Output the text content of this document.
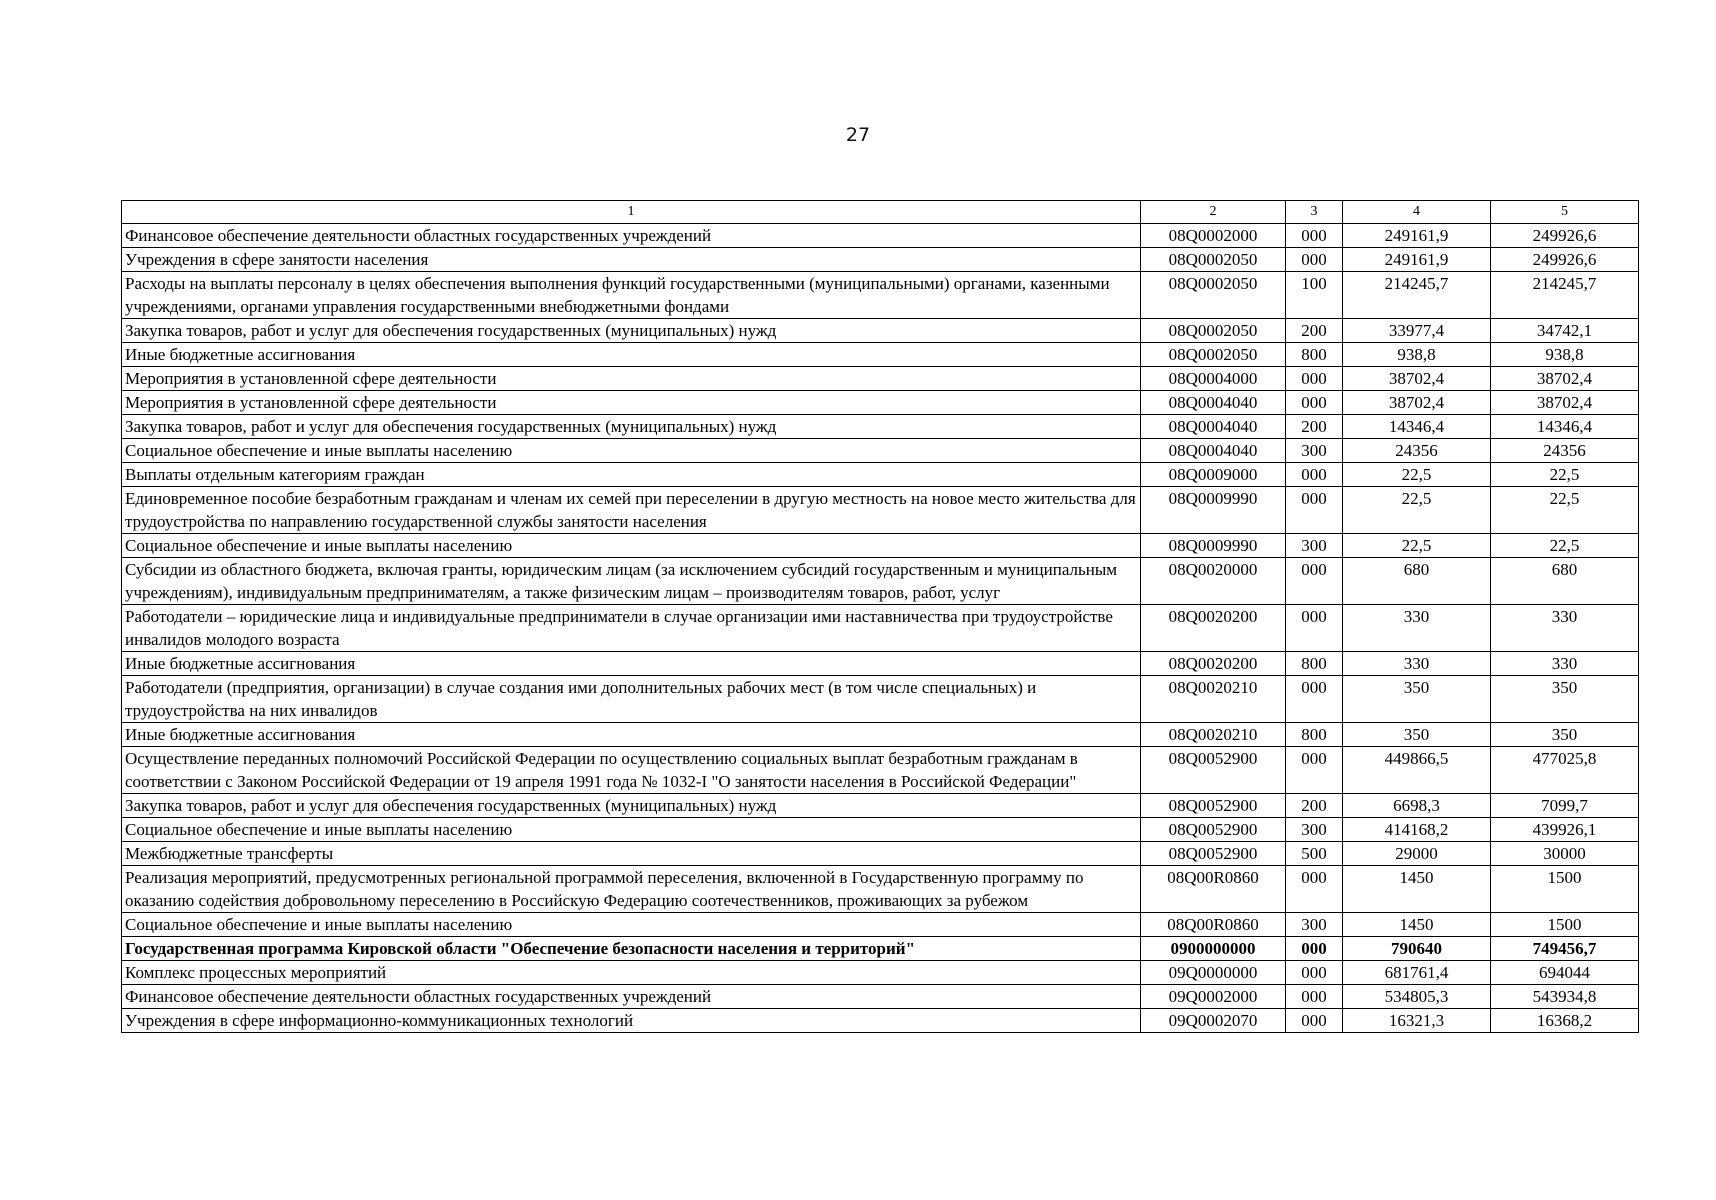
27
1	2	3	4	5
Финансовое обеспечение деятельности областных государственных учреждений	08Q0002000	000	249161,9	249926,6
Учреждения в сфере занятости населения	08Q0002050	000	249161,9	249926,6
Расходы на выплаты персоналу в целях обеспечения выполнения функций государственными (муниципальными) органами, казенными учреждениями, органами управления государственными внебюджетными фондами	08Q0002050	100	214245,7	214245,7
Закупка товаров, работ и услуг для обеспечения государственных (муниципальных) нужд	08Q0002050	200	33977,4	34742,1
Иные бюджетные ассигнования	08Q0002050	800	938,8	938,8
Мероприятия в установленной сфере деятельности	08Q0004000	000	38702,4	38702,4
Мероприятия в установленной сфере деятельности	08Q0004040	000	38702,4	38702,4
Закупка товаров, работ и услуг для обеспечения государственных (муниципальных) нужд	08Q0004040	200	14346,4	14346,4
Социальное обеспечение и иные выплаты населению	08Q0004040	300	24356	24356
Выплаты отдельным категориям граждан	08Q0009000	000	22,5	22,5
Единовременное пособие безработным гражданам и членам их семей при переселении в другую местность на новое место жительства для трудоустройства по направлению государственной службы занятости населения	08Q0009990	000	22,5	22,5
Социальное обеспечение и иные выплаты населению	08Q0009990	300	22,5	22,5
Субсидии из областного бюджета, включая гранты, юридическим лицам (за исключением субсидий государственным и муниципальным учреждениям), индивидуальным предпринимателям, а также физическим лицам – производителям товаров, работ, услуг	08Q0020000	000	680	680
Работодатели – юридические лица и индивидуальные предприниматели в случае организации ими наставничества при трудоустройстве инвалидов молодого возраста	08Q0020200	000	330	330
Иные бюджетные ассигнования	08Q0020200	800	330	330
Работодатели (предприятия, организации) в случае создания ими дополнительных рабочих мест (в том числе специальных) и трудоустройства на них инвалидов	08Q0020210	000	350	350
Иные бюджетные ассигнования	08Q0020210	800	350	350
Осуществление переданных полномочий Российской Федерации по осуществлению социальных выплат безработным гражданам в соответствии с Законом Российской Федерации от 19 апреля 1991 года № 1032-I "О занятости населения в Российской Федерации"	08Q0052900	000	449866,5	477025,8
Закупка товаров, работ и услуг для обеспечения государственных (муниципальных) нужд	08Q0052900	200	6698,3	7099,7
Социальное обеспечение и иные выплаты населению	08Q0052900	300	414168,2	439926,1
Межбюджетные трансферты	08Q0052900	500	29000	30000
Реализация мероприятий, предусмотренных региональной программой переселения, включенной в Государственную программу по оказанию содействия добровольному переселению в Российскую Федерацию соотечественников, проживающих за рубежом	08Q00R0860	000	1450	1500
Социальное обеспечение и иные выплаты населению	08Q00R0860	300	1450	1500
Государственная программа Кировской области "Обеспечение безопасности населения и территорий"	0900000000	000	790640	749456,7
Комплекс процессных мероприятий	09Q0000000	000	681761,4	694044
Финансовое обеспечение деятельности областных государственных учреждений	09Q0002000	000	534805,3	543934,8
Учреждения в сфере информационно-коммуникационных технологий	09Q0002070	000	16321,3	16368,2
